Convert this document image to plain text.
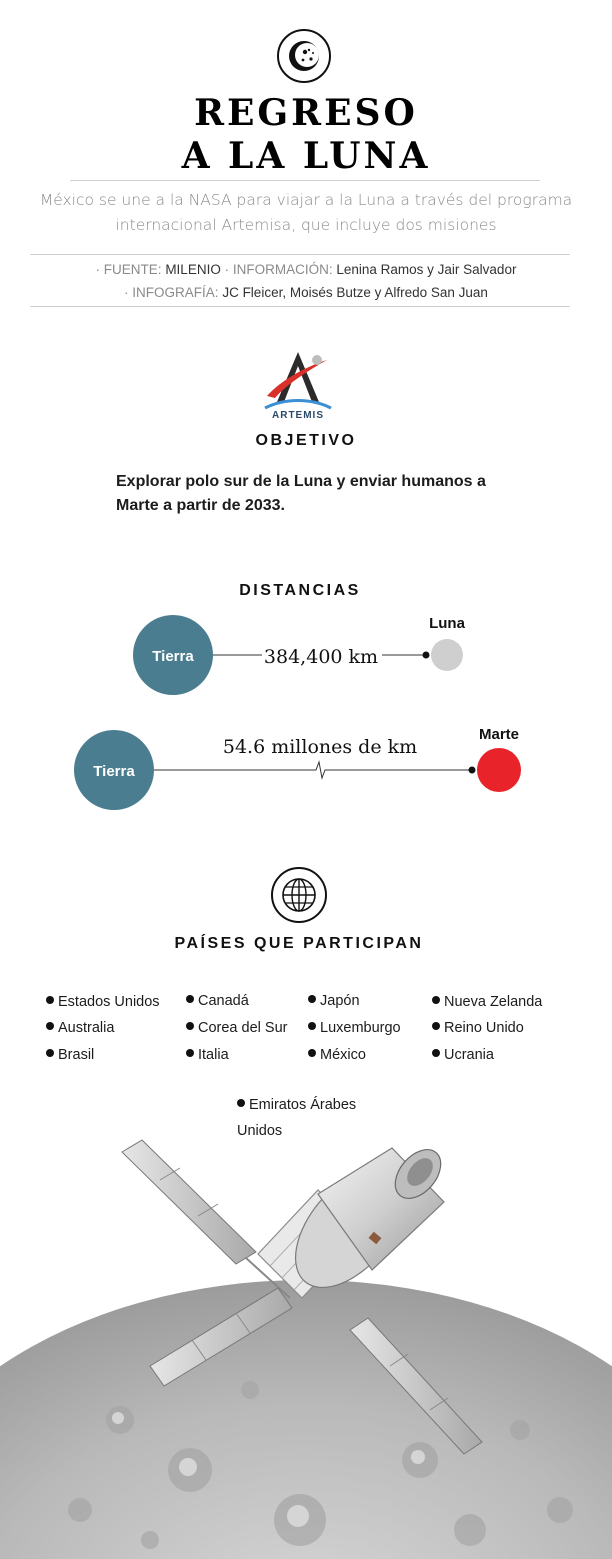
REGRESO
A LA LUNA
México se une a la NASA para viajar a la Luna a través del programa internacional Artemisa, que incluye dos misiones
· FUENTE: MILENIO · INFORMACIÓN: Lenina Ramos y Jair Salvador
· INFOGRAFÍA: JC Fleicer, Moisés Butze y Alfredo San Juan
ARTEMIS
OBJETIVO
Explorar polo sur de la Luna y enviar humanos a Marte a partir de 2033.
DISTANCIAS
Tierra	384,400 km
Luna
Tierra
54.6 millones de km
Marte
PAÍSES QUE PARTICIPAN
Estados Unidos
Australia
Brasil
Canadá
Corea del Sur
Italia
Japón
Luxemburgo
México
Nueva Zelanda
Reino Unido
Ucrania
Emiratos Árabes Unidos
